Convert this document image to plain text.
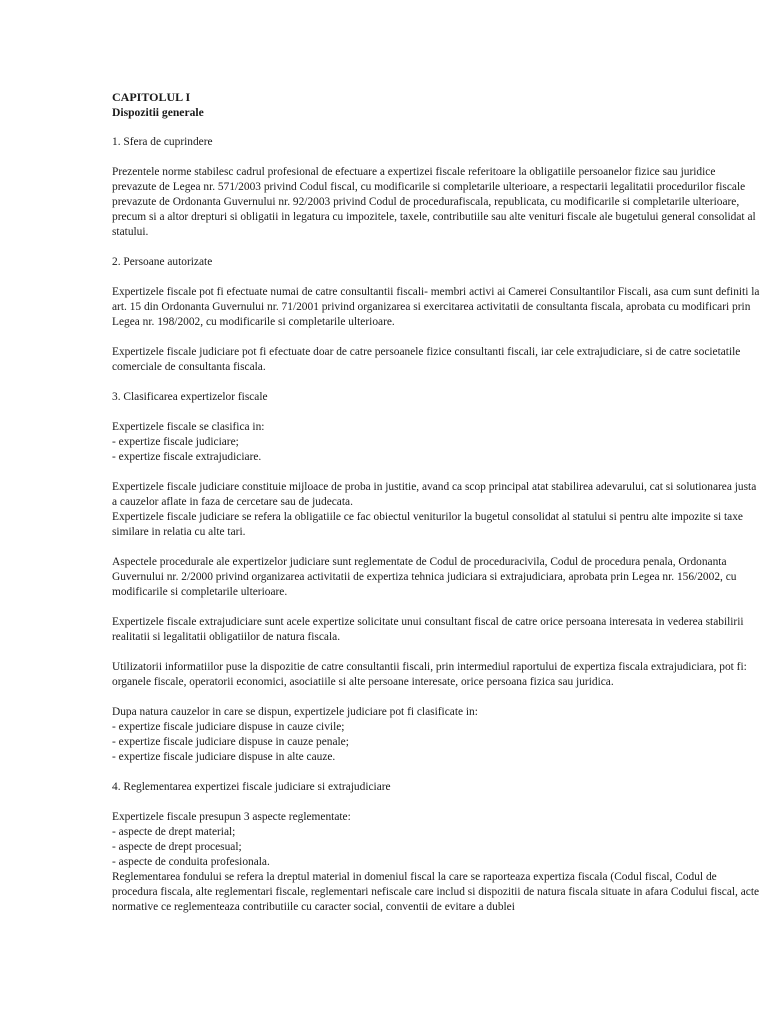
CAPITOLUL I
Dispozitii generale
1. Sfera de cuprindere

Prezentele norme stabilesc cadrul profesional de efectuare a expertizei fiscale referitoare la obligatiile persoanelor fizice sau juridice prevazute de Legea nr. 571/2003 privind Codul fiscal, cu modificarile si completarile ulterioare, a respectarii legalitatii procedurilor fiscale prevazute de Ordonanta Guvernului nr. 92/2003 privind Codul de procedurafiscala, republicata, cu modificarile si completarile ulterioare, precum si a altor drepturi si obligatii in legatura cu impozitele, taxele, contributiile sau alte venituri fiscale ale bugetului general consolidat al statului.

2. Persoane autorizate

Expertizele fiscale pot fi efectuate numai de catre consultantii fiscali- membri activi ai Camerei Consultantilor Fiscali, asa cum sunt definiti la art. 15 din Ordonanta Guvernului nr. 71/2001 privind organizarea si exercitarea activitatii de consultanta fiscala, aprobata cu modificari prin Legea nr. 198/2002, cu modificarile si completarile ulterioare.

Expertizele fiscale judiciare pot fi efectuate doar de catre persoanele fizice consultanti fiscali, iar cele extrajudiciare, si de catre societatile comerciale de consultanta fiscala.

3. Clasificarea expertizelor fiscale

Expertizele fiscale se clasifica in:

- expertize fiscale judiciare;
- expertize fiscale extrajudiciare.

Expertizele fiscale judiciare constituie mijloace de proba in justitie, avand ca scop principal atat stabilirea adevarului, cat si solutionarea justa a cauzelor aflate in faza de cercetare sau de judecata.

Expertizele fiscale judiciare se refera la obligatiile ce fac obiectul veniturilor la bugetul consolidat al statului si pentru alte impozite si taxe similare in relatia cu alte tari.

Aspectele procedurale ale expertizelor judiciare sunt reglementate de Codul de proceduracivila, Codul de procedura penala, Ordonanta Guvernului nr. 2/2000 privind organizarea activitatii de expertiza tehnica judiciara si extrajudiciara, aprobata prin Legea nr. 156/2002, cu modificarile si completarile ulterioare.

Expertizele fiscale extrajudiciare sunt acele expertize solicitate unui consultant fiscal de catre orice persoana interesata in vederea stabilirii realitatii si legalitatii obligatiilor de natura fiscala.

Utilizatorii informatiilor puse la dispozitie de catre consultantii fiscali, prin intermediul raportului de expertiza fiscala extrajudiciara, pot fi: organele fiscale, operatorii economici, asociatiile si alte persoane interesate, orice persoana fizica sau juridica.

Dupa natura cauzelor in care se dispun, expertizele judiciare pot fi clasificate in:

- expertize fiscale judiciare dispuse in cauze civile;
- expertize fiscale judiciare dispuse in cauze penale;
- expertize fiscale judiciare dispuse in alte cauze.
4. Reglementarea expertizei fiscale judiciare si extrajudiciare

Expertizele fiscale presupun 3 aspecte reglementate:

- aspecte de drept material;
- aspecte de drept procesual;
- aspecte de conduita profesionala.

Reglementarea fondului se refera la dreptul material in domeniul fiscal la care se raporteaza expertiza fiscala (Codul fiscal, Codul de procedura fiscala, alte reglementari fiscale, reglementari nefiscale care includ si dispozitii de natura fiscala situate in afara Codului fiscal, acte normative ce reglementeaza contributiile cu caracter social, conventii de evitare a dublei
